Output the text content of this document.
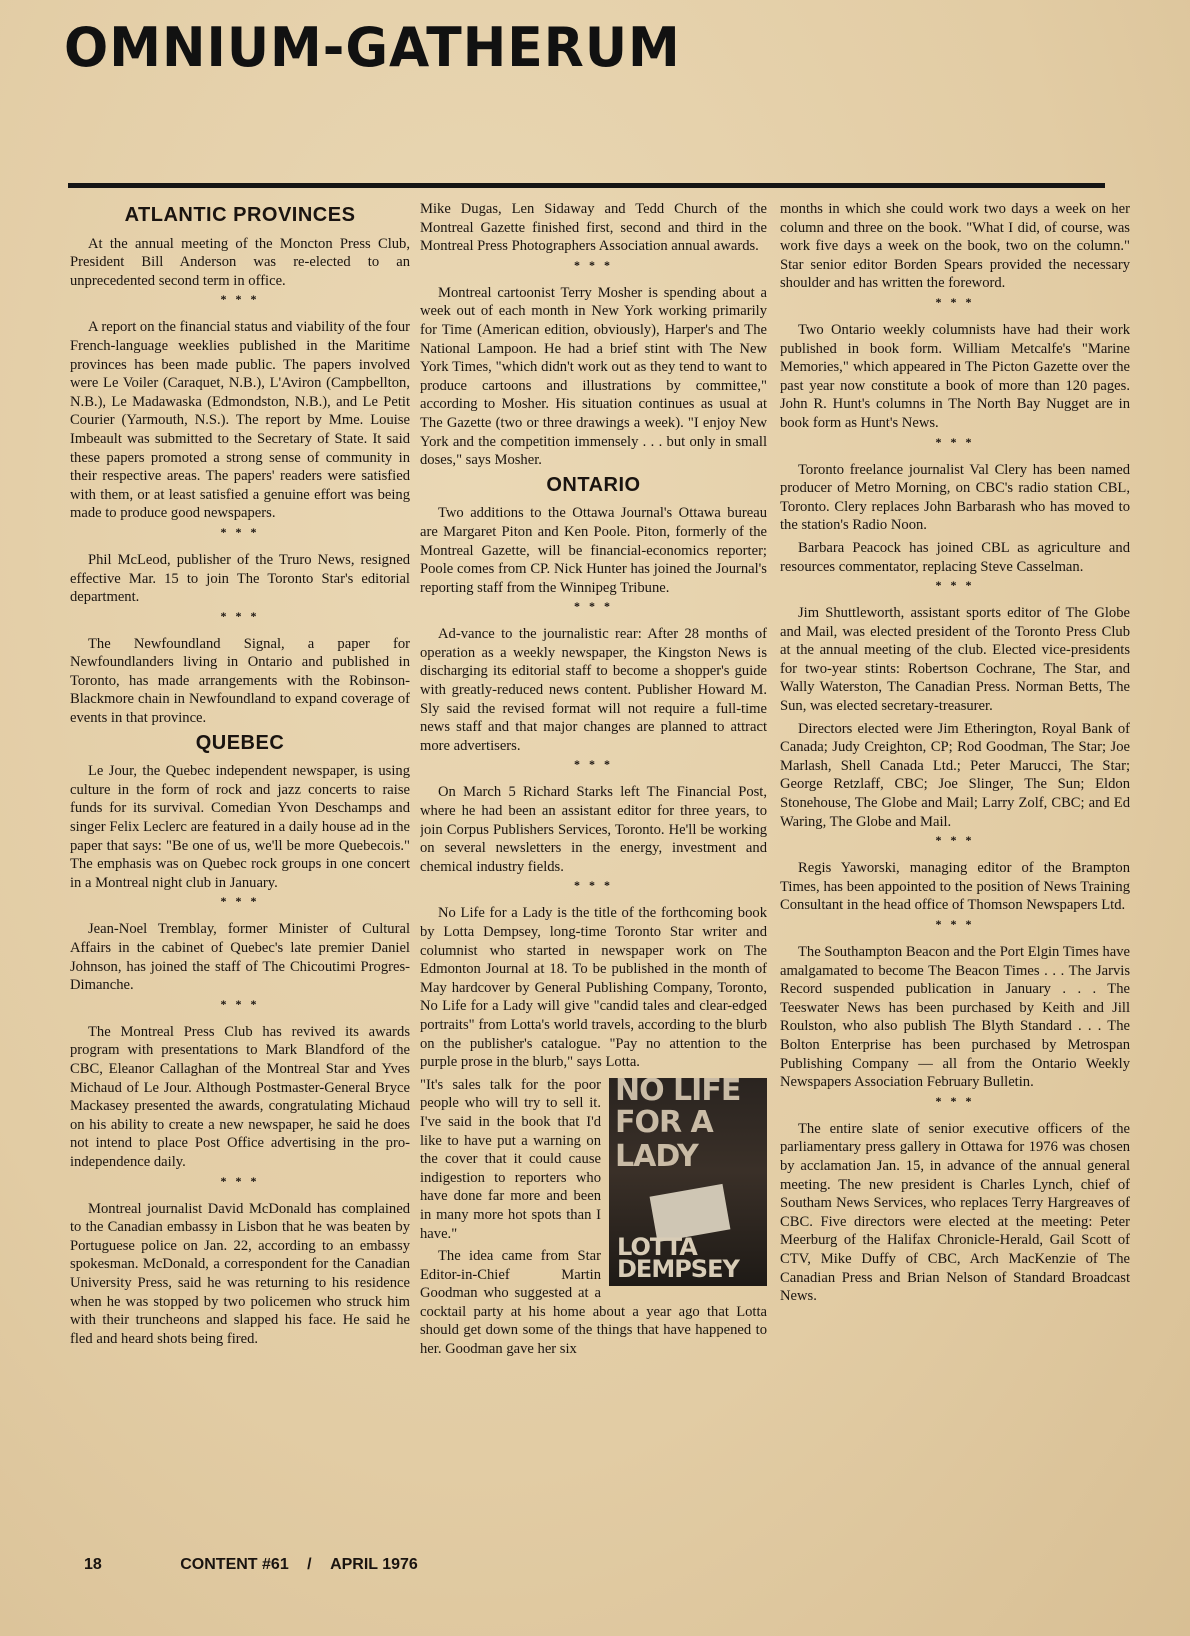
OMNIUM-GATHERUM
ATLANTIC PROVINCES

At the annual meeting of the Moncton Press Club, President Bill Anderson was re-elected to an unprecedented second term in office.

* * *

A report on the financial status and viability of the four French-language weeklies published in the Maritime provinces has been made public. The papers involved were Le Voiler (Caraquet, N.B.), L'Aviron (Campbellton, N.B.), Le Madawaska (Edmondston, N.B.), and Le Petit Courier (Yarmouth, N.S.). The report by Mme. Louise Imbeault was submitted to the Secretary of State. It said these papers promoted a strong sense of community in their respective areas. The papers' readers were satisfied with them, or at least satisfied a genuine effort was being made to produce good newspapers.

* * *

Phil McLeod, publisher of the Truro News, resigned effective Mar. 15 to join The Toronto Star's editorial department.

* * *

The Newfoundland Signal, a paper for Newfoundlanders living in Ontario and published in Toronto, has made arrangements with the Robinson-Blackmore chain in Newfoundland to expand coverage of events in that province.

QUEBEC

Le Jour, the Quebec independent newspaper, is using culture in the form of rock and jazz concerts to raise funds for its survival. Comedian Yvon Deschamps and singer Felix Leclerc are featured in a daily house ad in the paper that says: "Be one of us, we'll be more Quebecois." The emphasis was on Quebec rock groups in one concert in a Montreal night club in January.

* * *

Jean-Noel Tremblay, former Minister of Cultural Affairs in the cabinet of Quebec's late premier Daniel Johnson, has joined the staff of The Chicoutimi Progres-Dimanche.

* * *

The Montreal Press Club has revived its awards program with presentations to Mark Blandford of the CBC, Eleanor Callaghan of the Montreal Star and Yves Michaud of Le Jour. Although Postmaster-General Bryce Mackasey presented the awards, congratulating Michaud on his ability to create a new newspaper, he said he does not intend to place Post Office advertising in the pro-independence daily.

* * *

Montreal journalist David McDonald has complained to the Canadian embassy in Lisbon that he was beaten by Portuguese police on Jan. 22, according to an embassy spokesman. McDonald, a correspondent for the Canadian University Press, said he was returning to his residence when he was stopped by two policemen who struck him with their truncheons and slapped his face. He said he fled and heard shots being fired.

Mike Dugas, Len Sidaway and Tedd Church of the Montreal Gazette finished first, second and third in the Montreal Press Photographers Association annual awards.

* * *

Montreal cartoonist Terry Mosher is spending about a week out of each month in New York working primarily for Time (American edition, obviously), Harper's and The National Lampoon. He had a brief stint with The New York Times, "which didn't work out as they tend to want to produce cartoons and illustrations by committee," according to Mosher. His situation continues as usual at The Gazette (two or three drawings a week). "I enjoy New York and the competition immensely . . . but only in small doses," says Mosher.

ONTARIO

Two additions to the Ottawa Journal's Ottawa bureau are Margaret Piton and Ken Poole. Piton, formerly of the Montreal Gazette, will be financial-economics reporter; Poole comes from CP. Nick Hunter has joined the Journal's reporting staff from the Winnipeg Tribune.

* * *

Ad-vance to the journalistic rear: After 28 months of operation as a weekly newspaper, the Kingston News is discharging its editorial staff to become a shopper's guide with greatly-reduced news content. Publisher Howard M. Sly said the revised format will not require a full-time news staff and that major changes are planned to attract more advertisers.

* * *

On March 5 Richard Starks left The Financial Post, where he had been an assistant editor for three years, to join Corpus Publishers Services, Toronto. He'll be working on several newsletters in the energy, investment and chemical industry fields.

* * *

No Life for a Lady is the title of the forthcoming book by Lotta Dempsey, long-time Toronto Star writer and columnist who started in newspaper work on The Edmonton Journal at 18. To be published in the month of May hardcover by General Publishing Company, Toronto, No Life for a Lady will give "candid tales and clear-edged portraits" from Lotta's world travels, according to the blurb on the publisher's catalogue. "Pay no attention to the purple prose in the blurb," says Lotta.

NO LIFE
FOR A
LADY
LOTTA
DEMPSEY

"It's sales talk for the poor people who will try to sell it. I've said in the book that I'd like to have put a warning on the cover that it could cause indigestion to reporters who have done far more and been in many more hot spots than I have."

The idea came from Star Editor-in-Chief Martin Goodman who suggested at a cocktail party at his home about a year ago that Lotta should get down some of the things that have happened to her. Goodman gave her six

months in which she could work two days a week on her column and three on the book. "What I did, of course, was work five days a week on the book, two on the column." Star senior editor Borden Spears provided the necessary shoulder and has written the foreword.

* * *

Two Ontario weekly columnists have had their work published in book form. William Metcalfe's "Marine Memories," which appeared in The Picton Gazette over the past year now constitute a book of more than 120 pages. John R. Hunt's columns in The North Bay Nugget are in book form as Hunt's News.

* * *

Toronto freelance journalist Val Clery has been named producer of Metro Morning, on CBC's radio station CBL, Toronto. Clery replaces John Barbarash who has moved to the station's Radio Noon.

Barbara Peacock has joined CBL as agriculture and resources commentator, replacing Steve Casselman.

* * *

Jim Shuttleworth, assistant sports editor of The Globe and Mail, was elected president of the Toronto Press Club at the annual meeting of the club. Elected vice-presidents for two-year stints: Robertson Cochrane, The Star, and Wally Waterston, The Canadian Press. Norman Betts, The Sun, was elected secretary-treasurer.

Directors elected were Jim Etherington, Royal Bank of Canada; Judy Creighton, CP; Rod Goodman, The Star; Joe Marlash, Shell Canada Ltd.; Peter Marucci, The Star; George Retzlaff, CBC; Joe Slinger, The Sun; Eldon Stonehouse, The Globe and Mail; Larry Zolf, CBC; and Ed Waring, The Globe and Mail.

* * *

Regis Yaworski, managing editor of the Brampton Times, has been appointed to the position of News Training Consultant in the head office of Thomson Newspapers Ltd.

* * *

The Southampton Beacon and the Port Elgin Times have amalgamated to become The Beacon Times . . . The Jarvis Record suspended publication in January . . . The Teeswater News has been purchased by Keith and Jill Roulston, who also publish The Blyth Standard . . . The Bolton Enterprise has been purchased by Metrospan Publishing Company — all from the Ontario Weekly Newspapers Association February Bulletin.

* * *

The entire slate of senior executive officers of the parliamentary press gallery in Ottawa for 1976 was chosen by acclamation Jan. 15, in advance of the annual general meeting. The new president is Charles Lynch, chief of Southam News Services, who replaces Terry Hargreaves of CBC. Five directors were elected at the meeting: Peter Meerburg of the Halifax Chronicle-Herald, Gail Scott of CTV, Mike Duffy of CBC, Arch MacKenzie of The Canadian Press and Brian Nelson of Standard Broadcast News.

18	CONTENT #61 / APRIL 1976
